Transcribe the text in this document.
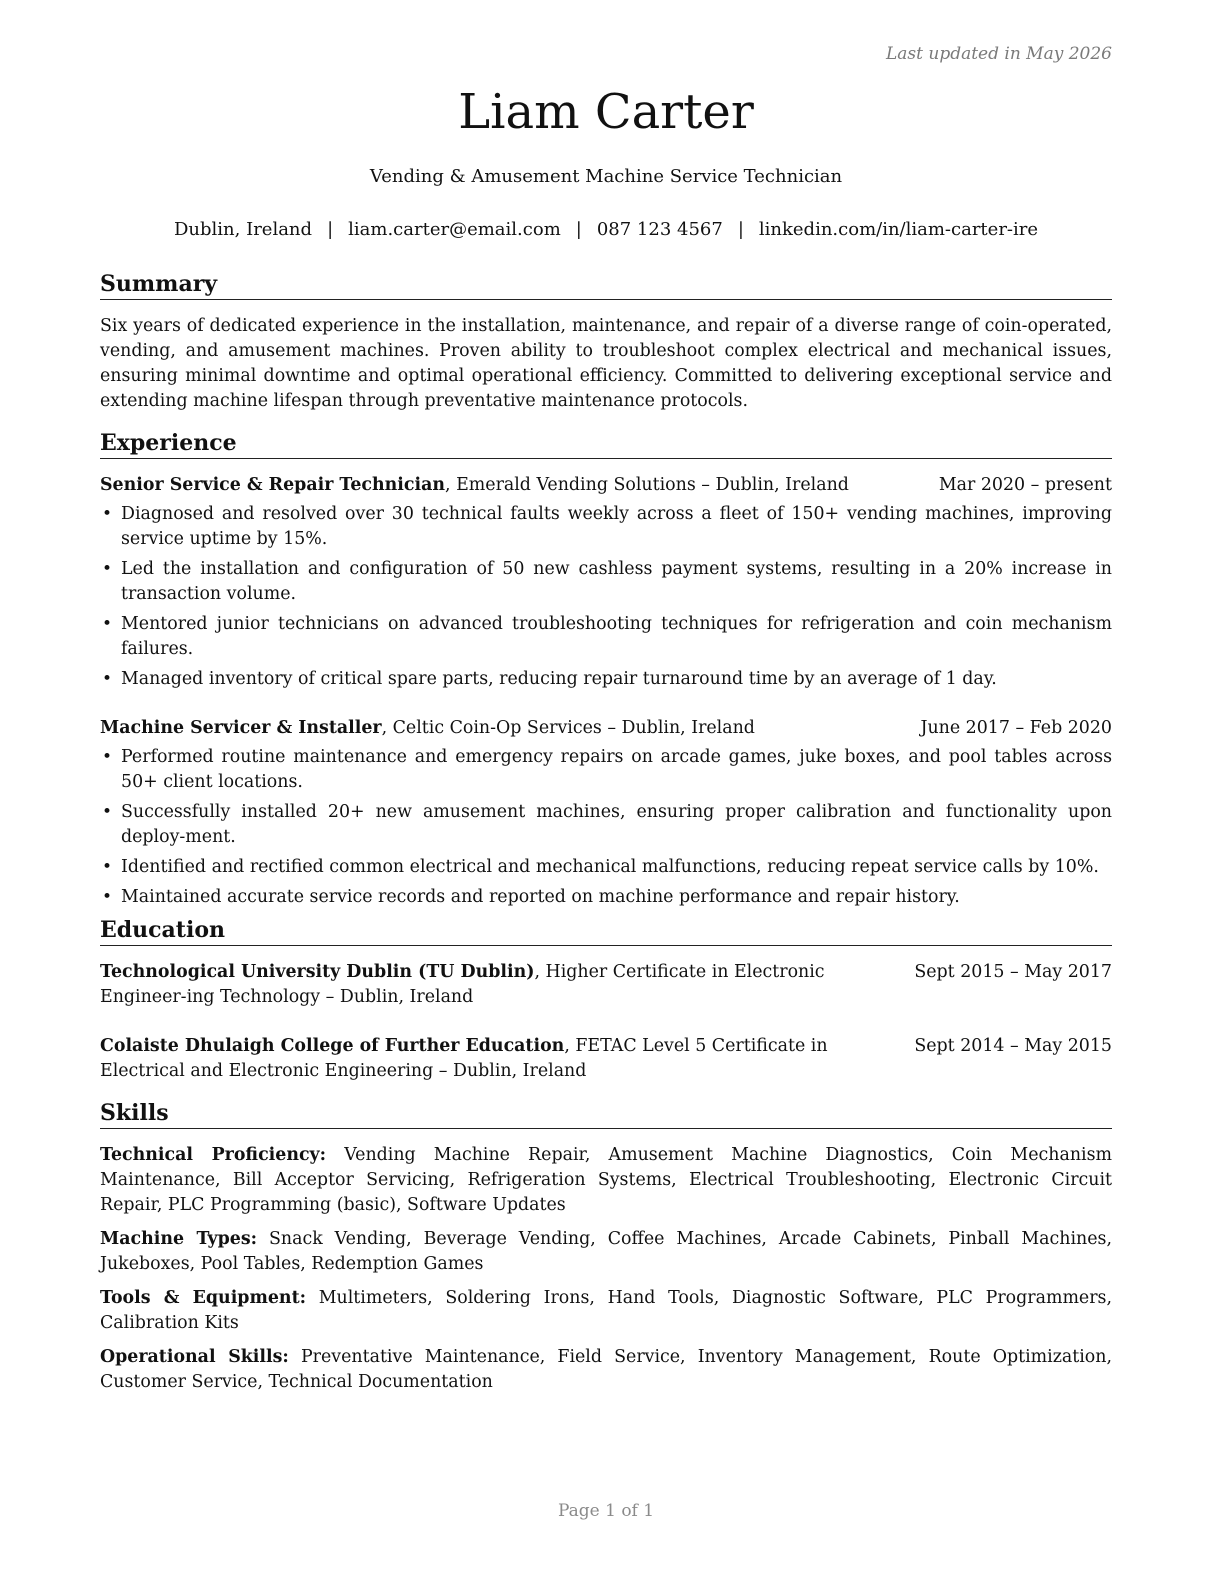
Last updated in May 2026
Liam Carter
Vending & Amusement Machine Service Technician
Dublin, Ireland | liam.carter@email.com | 087 123 4567 | linkedin.com/in/liam-carter-ire
Summary

Six years of dedicated experience in the installation, maintenance, and repair of a diverse range of coin-operated, vending, and amusement machines. Proven ability to troubleshoot complex electrical and mechanical issues, ensuring minimal downtime and optimal operational efficiency. Committed to delivering exceptional service and extending machine lifespan through preventative maintenance protocols.

Experience
Senior Service & Repair Technician, Emerald Vending Solutions – Dublin, Ireland	Mar 2020 – present
• Diagnosed and resolved over 30 technical faults weekly across a fleet of 150+ vending machines, improving service uptime by 15%.
• Led the installation and configuration of 50 new cashless payment systems, resulting in a 20% increase in transaction volume.
• Mentored junior technicians on advanced troubleshooting techniques for refrigeration and coin mechanism failures.
• Managed inventory of critical spare parts, reducing repair turnaround time by an average of 1 day.
Machine Servicer & Installer, Celtic Coin-Op Services – Dublin, Ireland	June 2017 – Feb 2020
• Performed routine maintenance and emergency repairs on arcade games, juke boxes, and pool tables across 50+ client locations.
• Successfully installed 20+ new amusement machines, ensuring proper calibration and functionality upon deploy-ment.
• Identified and rectified common electrical and mechanical malfunctions, reducing repeat service calls by 10%.
• Maintained accurate service records and reported on machine performance and repair history.
Education
Technological University Dublin (TU Dublin), Higher Certificate in Electronic Engineer-ing Technology – Dublin, Ireland
Sept 2015 – May 2017
Colaiste Dhulaigh College of Further Education, FETAC Level 5 Certificate in Electrical and Electronic Engineering – Dublin, Ireland
Sept 2014 – May 2015
Skills

Technical Proficiency: Vending Machine Repair, Amusement Machine Diagnostics, Coin Mechanism Maintenance, Bill Acceptor Servicing, Refrigeration Systems, Electrical Troubleshooting, Electronic Circuit Repair, PLC Programming (basic), Software Updates

Machine Types: Snack Vending, Beverage Vending, Coffee Machines, Arcade Cabinets, Pinball Machines, Jukeboxes, Pool Tables, Redemption Games

Tools & Equipment: Multimeters, Soldering Irons, Hand Tools, Diagnostic Software, PLC Programmers, Calibration Kits

Operational Skills: Preventative Maintenance, Field Service, Inventory Management, Route Optimization, Customer Service, Technical Documentation

Page 1 of 1
